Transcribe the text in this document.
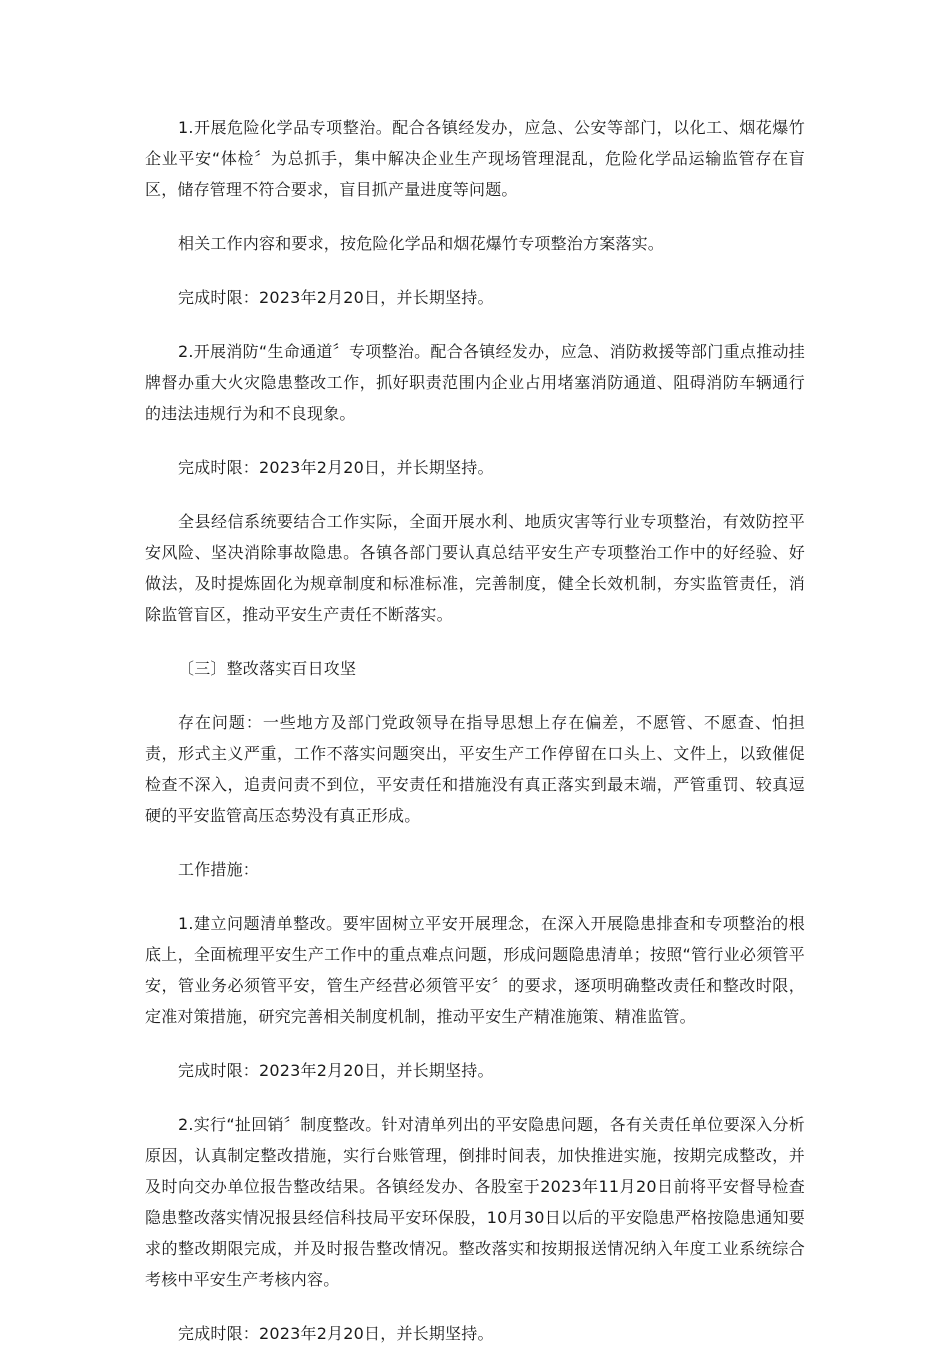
1.开展危险化学品专项整治。配合各镇经发办，应急、公安等部门，以化工、烟花爆竹企业平安“体检〞为总抓手，集中解决企业生产现场管理混乱，危险化学品运输监管存在盲区，储存管理不符合要求，盲目抓产量进度等问题。

相关工作内容和要求，按危险化学品和烟花爆竹专项整治方案落实。

完成时限：2023年2月20日，并长期坚持。

2.开展消防“生命通道〞专项整治。配合各镇经发办，应急、消防救援等部门重点推动挂牌督办重大火灾隐患整改工作，抓好职责范围内企业占用堵塞消防通道、阻碍消防车辆通行的违法违规行为和不良现象。

完成时限：2023年2月20日，并长期坚持。

全县经信系统要结合工作实际，全面开展水利、地质灾害等行业专项整治，有效防控平安风险、坚决消除事故隐患。各镇各部门要认真总结平安生产专项整治工作中的好经验、好做法，及时提炼固化为规章制度和标准标准，完善制度，健全长效机制，夯实监管责任，消除监管盲区，推动平安生产责任不断落实。

〔三〕整改落实百日攻坚

存在问题：一些地方及部门党政领导在指导思想上存在偏差，不愿管、不愿查、怕担责，形式主义严重，工作不落实问题突出，平安生产工作停留在口头上、文件上，以致催促检查不深入，追责问责不到位，平安责任和措施没有真正落实到最末端，严管重罚、较真逗硬的平安监管高压态势没有真正形成。

工作措施：

1.建立问题清单整改。要牢固树立平安开展理念，在深入开展隐患排查和专项整治的根底上，全面梳理平安生产工作中的重点难点问题，形成问题隐患清单；按照“管行业必须管平安，管业务必须管平安，管生产经营必须管平安〞的要求，逐项明确整改责任和整改时限，定准对策措施，研究完善相关制度机制，推动平安生产精准施策、精准监管。

完成时限：2023年2月20日，并长期坚持。

2.实行“扯回销〞制度整改。针对清单列出的平安隐患问题，各有关责任单位要深入分析原因，认真制定整改措施，实行台账管理，倒排时间表，加快推进实施，按期完成整改，并及时向交办单位报告整改结果。各镇经发办、各股室于2023年11月20日前将平安督导检查隐患整改落实情况报县经信科技局平安环保股，10月30日以后的平安隐患严格按隐患通知要求的整改期限完成，并及时报告整改情况。整改落实和按期报送情况纳入年度工业系统综合考核中平安生产考核内容。

完成时限：2023年2月20日，并长期坚持。
